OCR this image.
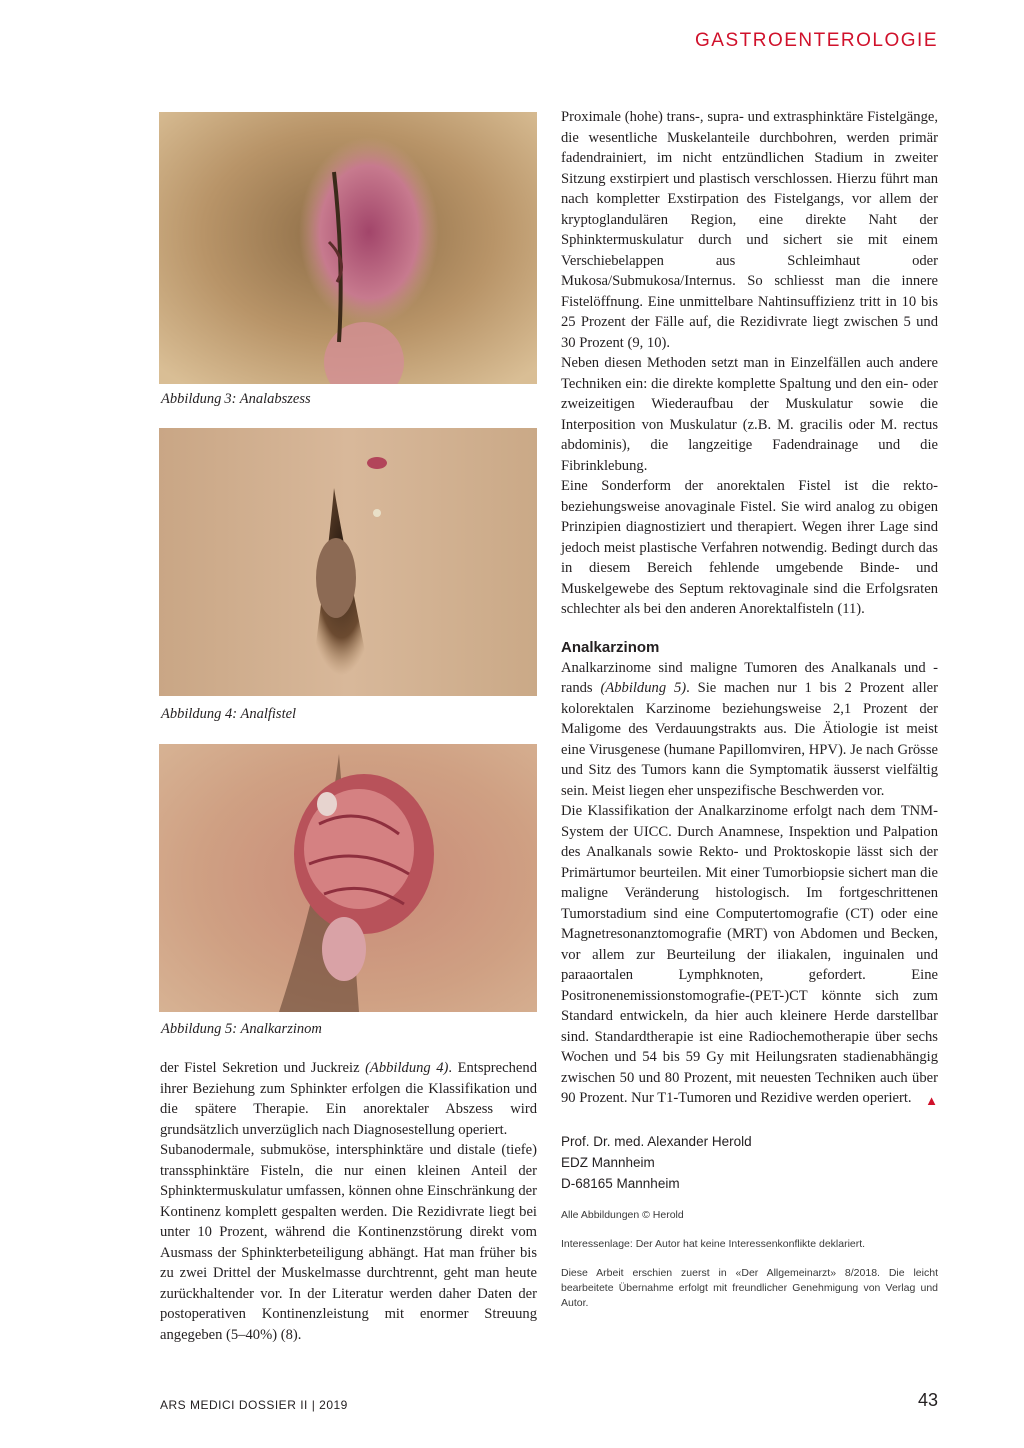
GASTROENTEROLOGIE
Abbildung 3: Analabszess
Abbildung 4: Analfistel
Abbildung 5: Analkarzinom

der Fistel Sekretion und Juckreiz (Abbildung 4). Entsprechend ihrer Beziehung zum Sphinkter erfolgen die Klassifikation und die spätere Therapie. Ein anorektaler Abszess wird grundsätzlich unverzüglich nach Diagnosestellung operiert.

Subanodermale, submuköse, intersphinktäre und distale (tiefe) transsphinktäre Fisteln, die nur einen kleinen Anteil der Sphinktermuskulatur umfassen, können ohne Einschränkung der Kontinenz komplett gespalten werden. Die Rezidivrate liegt bei unter 10 Prozent, während die Kontinenzstörung direkt vom Ausmass der Sphinkterbeteiligung abhängt. Hat man früher bis zu zwei Drittel der Muskelmasse durchtrennt, geht man heute zurückhaltender vor. In der Literatur werden daher Daten der postoperativen Kontinenzleistung mit enormer Streuung angegeben (5–40%) (8).

Proximale (hohe) trans-, supra- und extrasphinktäre Fistelgänge, die wesentliche Muskelanteile durchbohren, werden primär fadendrainiert, im nicht entzündlichen Stadium in zweiter Sitzung exstirpiert und plastisch verschlossen. Hierzu führt man nach kompletter Exstirpation des Fistelgangs, vor allem der kryptoglandulären Region, eine direkte Naht der Sphinktermuskulatur durch und sichert sie mit einem Verschiebelappen aus Schleimhaut oder Mukosa/Submukosa/Internus. So schliesst man die innere Fistelöffnung. Eine unmittelbare Nahtinsuffizienz tritt in 10 bis 25 Prozent der Fälle auf, die Rezidivrate liegt zwischen 5 und 30 Prozent (9, 10).

Neben diesen Methoden setzt man in Einzelfällen auch andere Techniken ein: die direkte komplette Spaltung und den ein- oder zweizeitigen Wiederaufbau der Muskulatur sowie die Interposition von Muskulatur (z.B. M. gracilis oder M. rectus abdominis), die langzeitige Fadendrainage und die Fibrinklebung.

Eine Sonderform der anorektalen Fistel ist die rekto- beziehungsweise anovaginale Fistel. Sie wird analog zu obigen Prinzipien diagnostiziert und therapiert. Wegen ihrer Lage sind jedoch meist plastische Verfahren notwendig. Bedingt durch das in diesem Bereich fehlende umgebende Binde- und Muskelgewebe des Septum rektovaginale sind die Erfolgsraten schlechter als bei den anderen Anorektalfisteln (11).

Analkarzinom

Analkarzinome sind maligne Tumoren des Analkanals und -rands (Abbildung 5). Sie machen nur 1 bis 2 Prozent aller kolorektalen Karzinome beziehungsweise 2,1 Prozent der Maligome des Verdauungstrakts aus. Die Ätiologie ist meist eine Virusgenese (humane Papillomviren, HPV). Je nach Grösse und Sitz des Tumors kann die Symptomatik äusserst vielfältig sein. Meist liegen eher unspezifische Beschwerden vor.

Die Klassifikation der Analkarzinome erfolgt nach dem TNM-System der UICC. Durch Anamnese, Inspektion und Palpation des Analkanals sowie Rekto- und Proktoskopie lässt sich der Primärtumor beurteilen. Mit einer Tumorbiopsie sichert man die maligne Veränderung histologisch. Im fortgeschrittenen Tumorstadium sind eine Computertomografie (CT) oder eine Magnetresonanztomografie (MRT) von Abdomen und Becken, vor allem zur Beurteilung der iliakalen, inguinalen und paraaortalen Lymphknoten, gefordert. Eine Positronenemissionstomografie-(PET-)CT könnte sich zum Standard entwickeln, da hier auch kleinere Herde darstellbar sind. Standardtherapie ist eine Radiochemotherapie über sechs Wochen und 54 bis 59 Gy mit Heilungsraten stadienabhängig zwischen 50 und 80 Prozent, mit neuesten Techniken auch über 90 Prozent. Nur T1-Tumoren und Rezidive werden operiert. ▲

Prof. Dr. med. Alexander Herold
EDZ Mannheim
D-68165 Mannheim
Alle Abbildungen © Herold
Interessenlage: Der Autor hat keine Interessenkonflikte deklariert.
Diese Arbeit erschien zuerst in «Der Allgemeinarzt» 8/2018. Die leicht bearbeitete Übernahme erfolgt mit freundlicher Genehmigung von Verlag und Autor.
ARS MEDICI DOSSIER II | 2019	43
